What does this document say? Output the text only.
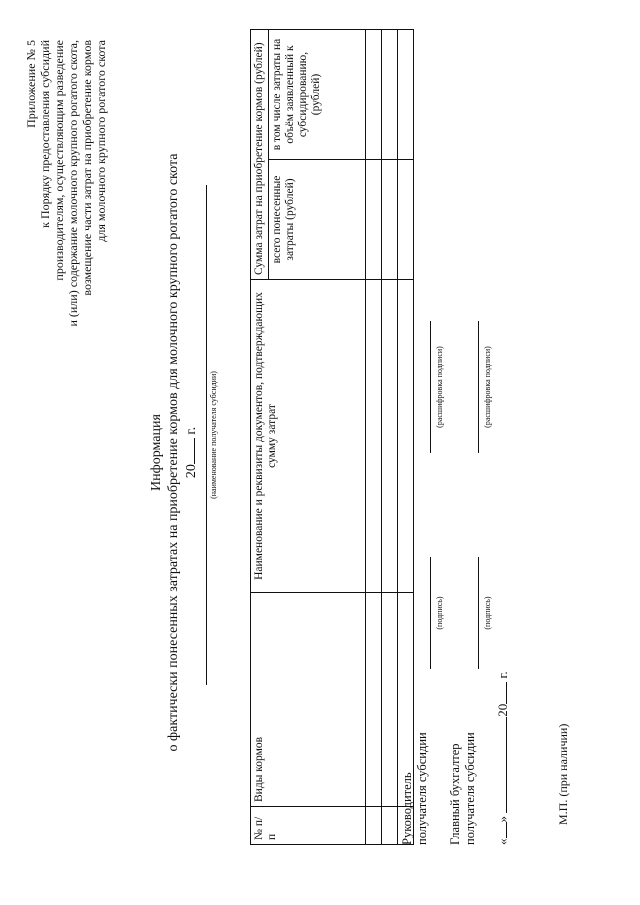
Приложение № 5 к Порядку предоставления субсидий производителям, осуществляющим разведение и (или) содержание молочного крупного рогатого скота, возмещение части затрат на приобретение кормов для молочного крупного рогатого скота
Информация о фактически понесенных затратах на приобретение кормов для молочного крупного рогатого скота 20 г.	(наименование получателя субсидии)
№ п/п	Виды кормов	Наименование и реквизиты документов, подтверждающих сумму затрат	Сумма затрат на приобретение кормов (рублей)	
			всего понесенные затраты (рублей)	в том числе затраты на объём заявленный к субсидированию, (рублей)

Руководитель получателя субсидии
(подпись)
(расшифровка подписи)
Главный бухгалтер получателя субсидии
(подпись)
(расшифровка подписи)
«» 20 г.
М.П. (при наличии)
